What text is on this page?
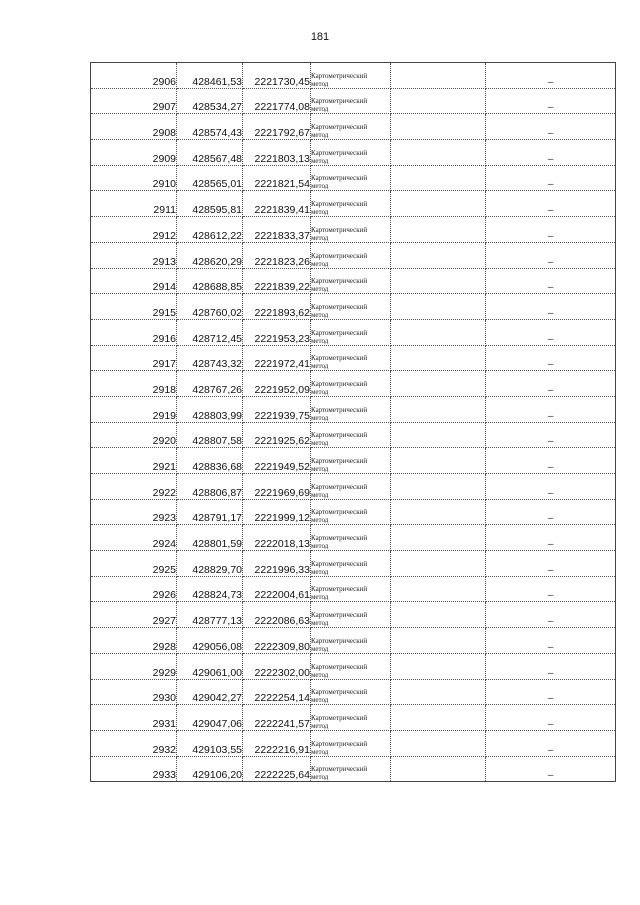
181
2906	428461,53	2221730,45	Картометрический
метод		–
2907	428534,27	2221774,08	Картометрический
метод		–
2908	428574,43	2221792,67	Картометрический
метод		–
2909	428567,48	2221803,13	Картометрический
метод		–
2910	428565,01	2221821,54	Картометрический
метод		–
2911	428595,81	2221839,41	Картометрический
метод		–
2912	428612,22	2221833,37	Картометрический
метод		–
2913	428620,29	2221823,26	Картометрический
метод		–
2914	428688,85	2221839,22	Картометрический
метод		–
2915	428760,02	2221893,62	Картометрический
метод		–
2916	428712,45	2221953,23	Картометрический
метод		–
2917	428743,32	2221972,41	Картометрический
метод		–
2918	428767,26	2221952,09	Картометрический
метод		–
2919	428803,99	2221939,75	Картометрический
метод		–
2920	428807,58	2221925,62	Картометрический
метод		–
2921	428836,68	2221949,52	Картометрический
метод		–
2922	428806,87	2221969,69	Картометрический
метод		–
2923	428791,17	2221999,12	Картометрический
метод		–
2924	428801,59	2222018,13	Картометрический
метод		–
2925	428829,70	2221996,33	Картометрический
метод		–
2926	428824,73	2222004,61	Картометрический
метод		–
2927	428777,13	2222086,63	Картометрический
метод		–
2928	429056,08	2222309,80	Картометрический
метод		–
2929	429061,00	2222302,00	Картометрический
метод		–
2930	429042,27	2222254,14	Картометрический
метод		–
2931	429047,06	2222241,57	Картометрический
метод		–
2932	429103,55	2222216,91	Картометрический
метод		–
2933	429106,20	2222225,64	Картометрический
метод		–
